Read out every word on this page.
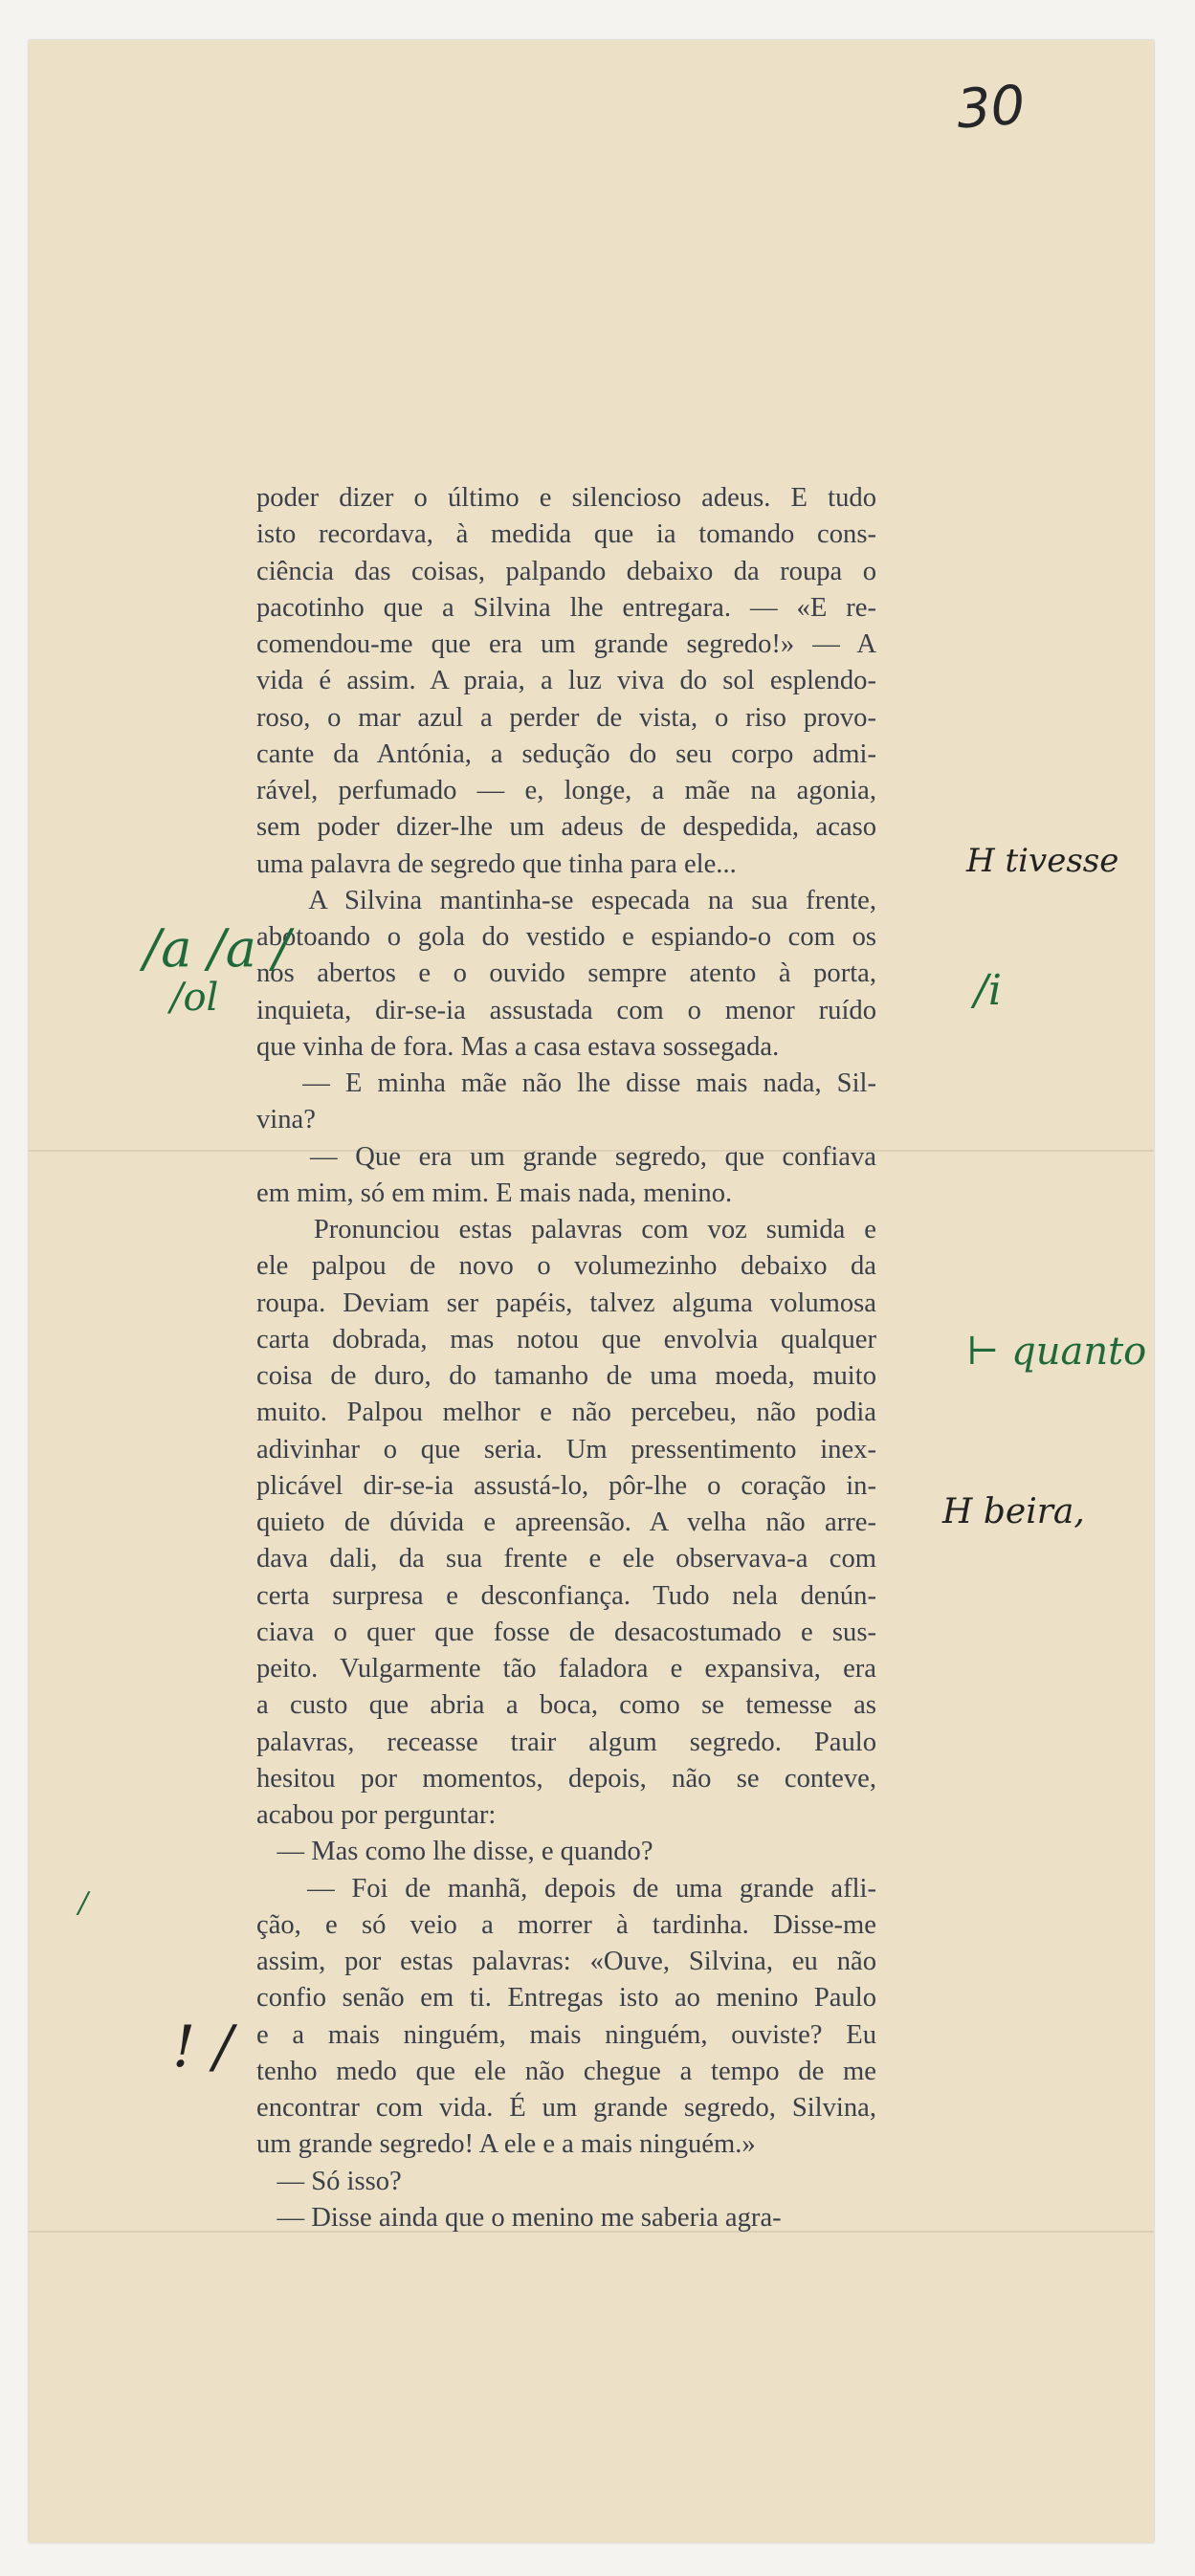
30
poder dizer o último e silencioso adeus. E tudo
isto recordava, à medida que ia tomando cons-
ciência das coisas, palpando debaixo da roupa o
pacotinho que a Silvina lhe entregara. — «E re-
comendou-me que era um grande segredo!» — A
vida é assim. A praia, a luz viva do sol esplendo-
roso, o mar azul a perder de vista, o riso provo-
cante da Antónia, a sedução do seu corpo admi-
rável, perfumado — e, longe, a mãe na agonia,
sem poder dizer-lhe um adeus de despedida, acaso
uma palavra de segredo que tinha para ele...
A Silvina mantinha-se especada na sua frente,
abotoando o gola do vestido e espiando-o com os
nos abertos e o ouvido sempre atento à porta,
inquieta, dir-se-ia assustada com o menor ruído
que vinha de fora. Mas a casa estava sossegada.
— E minha mãe não lhe disse mais nada, Sil-
vina?
— Que era um grande segredo, que confiava
em mim, só em mim. E mais nada, menino.
Pronunciou estas palavras com voz sumida e
ele palpou de novo o volumezinho debaixo da
roupa. Deviam ser papéis, talvez alguma volumosa
carta dobrada, mas notou que envolvia qualquer
coisa de duro, do tamanho de uma moeda, muito
muito. Palpou melhor e não percebeu, não podia
adivinhar o que seria. Um pressentimento inex-
plicável dir-se-ia assustá-lo, pôr-lhe o coração in-
quieto de dúvida e apreensão. A velha não arre-
dava dali, da sua frente e ele observava-a com
certa surpresa e desconfiança. Tudo nela denún-
ciava o quer que fosse de desacostumado e sus-
peito. Vulgarmente tão faladora e expansiva, era
a custo que abria a boca, como se temesse as
palavras, receasse trair algum segredo. Paulo
hesitou por momentos, depois, não se conteve,
acabou por perguntar:
— Mas como lhe disse, e quando?
— Foi de manhã, depois de uma grande afli-
ção, e só veio a morrer à tardinha. Disse-me
assim, por estas palavras: «Ouve, Silvina, eu não
confio senão em ti. Entregas isto ao menino Paulo
e a mais ninguém, mais ninguém, ouviste? Eu
tenho medo que ele não chegue a tempo de me
encontrar com vida. É um grande segredo, Silvina,
um grande segredo! A ele e a mais ninguém.»
— Só isso?
— Disse ainda que o menino me saberia agra-
H tivesse
/a /a /
/ol	/i
⊢ quanto
H beira,
! /
/
